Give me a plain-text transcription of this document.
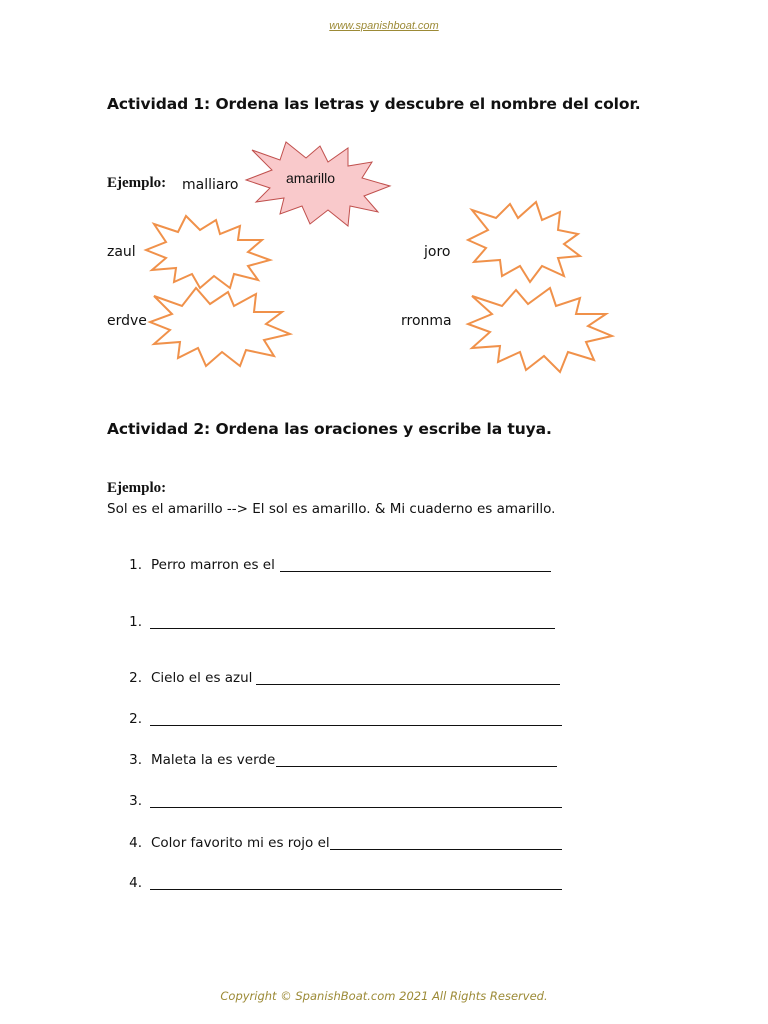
www.spanishboat.com
Actividad 1: Ordena las letras y descubre el nombre del color.
Ejemplo: malliaro	amarillo
zaul	joro
erdve	rronma
Actividad 2: Ordena las oraciones y escribe la tuya.
Ejemplo:
Sol es el amarillo --> El sol es amarillo. & Mi cuaderno es amarillo.
1. Perro marron es el
1.
2. Cielo el es azul
2.
3. Maleta la es verde
3.
4. Color favorito mi es rojo el
4.
Copyright © SpanishBoat.com 2021 All Rights Reserved.
